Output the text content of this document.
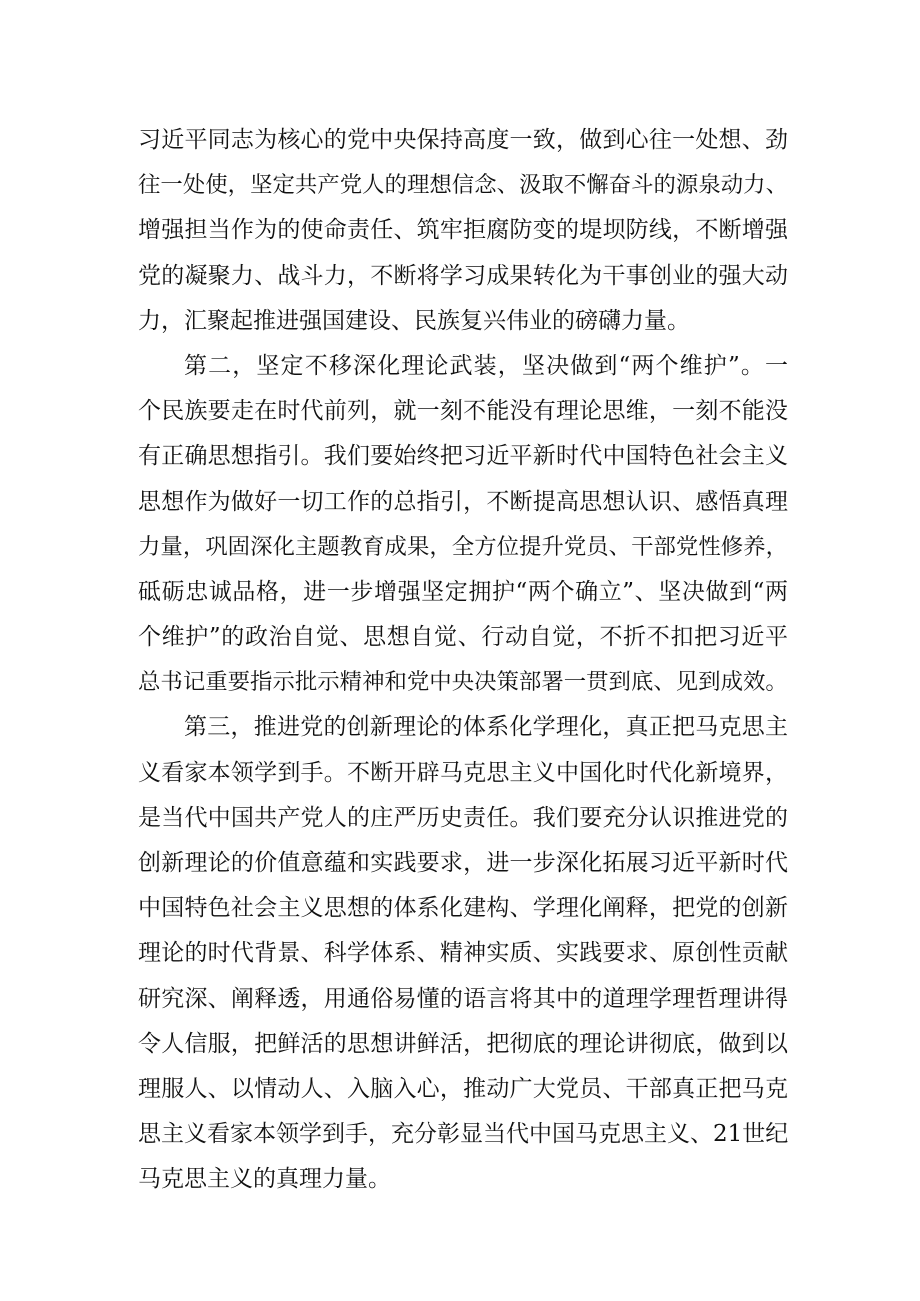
习近平同志为核心的党中央保持高度一致，做到心往一处想、劲
往一处使，坚定共产党人的理想信念、汲取不懈奋斗的源泉动力、
增强担当作为的使命责任、筑牢拒腐防变的堤坝防线，不断增强
党的凝聚力、战斗力，不断将学习成果转化为干事创业的强大动
力，汇聚起推进强国建设、民族复兴伟业的磅礴力量。
第二，坚定不移深化理论武装，坚决做到“两个维护”。一
个民族要走在时代前列，就一刻不能没有理论思维，一刻不能没
有正确思想指引。我们要始终把习近平新时代中国特色社会主义
思想作为做好一切工作的总指引，不断提高思想认识、感悟真理
力量，巩固深化主题教育成果，全方位提升党员、干部党性修养，
砥砺忠诚品格，进一步增强坚定拥护“两个确立”、坚决做到“两
个维护”的政治自觉、思想自觉、行动自觉，不折不扣把习近平
总书记重要指示批示精神和党中央决策部署一贯到底、见到成效。
第三，推进党的创新理论的体系化学理化，真正把马克思主
义看家本领学到手。不断开辟马克思主义中国化时代化新境界，
是当代中国共产党人的庄严历史责任。我们要充分认识推进党的
创新理论的价值意蕴和实践要求，进一步深化拓展习近平新时代
中国特色社会主义思想的体系化建构、学理化阐释，把党的创新
理论的时代背景、科学体系、精神实质、实践要求、原创性贡献
研究深、阐释透，用通俗易懂的语言将其中的道理学理哲理讲得
令人信服，把鲜活的思想讲鲜活，把彻底的理论讲彻底，做到以
理服人、以情动人、入脑入心，推动广大党员、干部真正把马克
思主义看家本领学到手，充分彰显当代中国马克思主义、21世纪
马克思主义的真理力量。
